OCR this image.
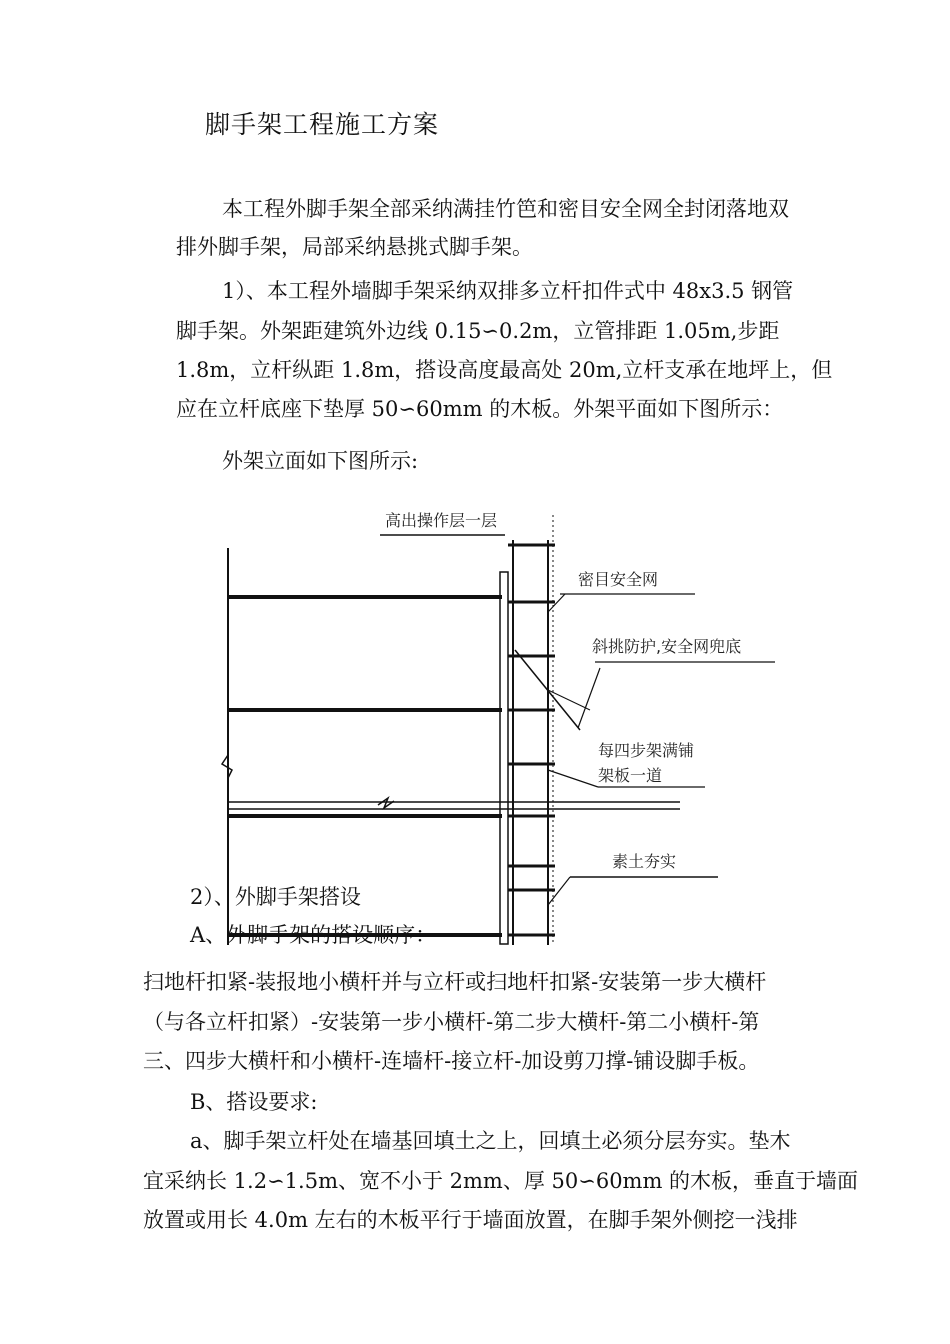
脚手架工程施工方案
本工程外脚手架全部采纳满挂竹笆和密目安全网全封闭落地双
排外脚手架，局部采纳悬挑式脚手架。
1）、本工程外墙脚手架采纳双排多立杆扣件式中 48x3.5 钢管
脚手架。外架距建筑外边线 0.15∽0.2m，立管排距 1.05m,步距
1.8m，立杆纵距 1.8m，搭设高度最高处 20m,立杆支承在地坪上，但
应在立杆底座下垫厚 50∽60mm 的木板。外架平面如下图所示：
外架立面如下图所示:
高出操作层一层
密目安全网
斜挑防护,安全网兜底
每四步架满铺
架板一道
素土夯实
2）、外脚手架搭设
A、外脚手架的搭设顺序：
扫地杆扣紧-装报地小横杆并与立杆或扫地杆扣紧-安装第一步大横杆
（与各立杆扣紧）-安装第一步小横杆-第二步大横杆-第二小横杆-第
三、四步大横杆和小横杆-连墙杆-接立杆-加设剪刀撑-铺设脚手板。
B、搭设要求:
a、脚手架立杆处在墙基回填土之上，回填土必须分层夯实。垫木
宜采纳长 1.2∽1.5m、宽不小于 2mm、厚 50∽60mm 的木板，垂直于墙面
放置或用长 4.0m 左右的木板平行于墙面放置，在脚手架外侧挖一浅排
